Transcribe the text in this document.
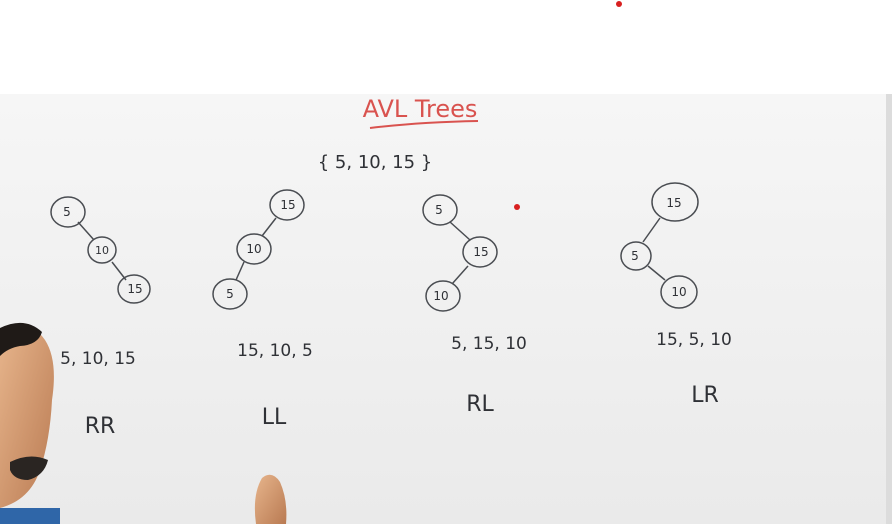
AVL Trees
{ 5, 10, 15 }
5
10
15
15
10
5
5
15
10
15
5
10
5, 10, 15	15, 10, 5	5, 15, 10	15, 5, 10
RR	LL
RL	LR
